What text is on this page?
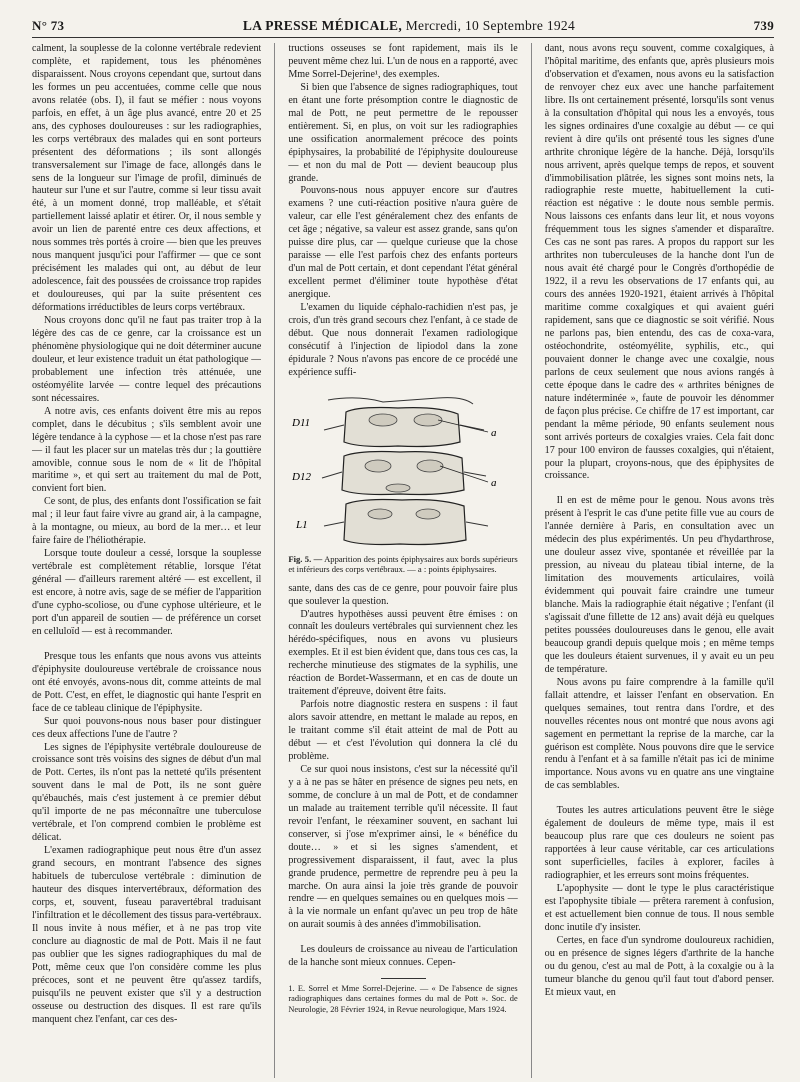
N° 73	LA PRESSE MÉDICALE, Mercredi, 10 Septembre 1924	739

calment, la souplesse de la colonne vertébrale redevient complète, et rapidement, tous les phénomènes disparaissent. Nous croyons cependant que, surtout dans les formes un peu accentuées, comme celle que nous avons relatée (obs. I), il faut se méfier : nous voyons parfois, en effet, à un âge plus avancé, entre 20 et 25 ans, des cyphoses douloureuses : sur les radiographies, les corps vertébraux des malades qui en sont porteurs présentent des déformations ; ils sont allongés transversalement sur l'image de face, allongés dans le sens de la longueur sur l'image de profil, diminués de hauteur sur l'une et sur l'autre, comme si leur tissu avait été, à un moment donné, trop malléable, et s'était partiellement laissé aplatir et étirer. Or, il nous semble y avoir un lien de parenté entre ces deux affections, et nous sommes très portés à croire — bien que les preuves nous manquent jusqu'ici pour l'affirmer — que ce sont précisément les malades qui ont, au début de leur adolescence, fait des poussées de croissance trop rapides et douloureuses, qui par la suite présentent ces déformations irréductibles de leurs corps vertébraux.

Nous croyons donc qu'il ne faut pas traiter trop à la légère des cas de ce genre, car la croissance est un phénomène physiologique qui ne doit déterminer aucune douleur, et leur existence traduit un état pathologique — probablement une infection très atténuée, une ostéomyélite larvée — contre lequel des précautions sont nécessaires.

A notre avis, ces enfants doivent être mis au repos complet, dans le décubitus ; s'ils semblent avoir une légère tendance à la cyphose — et la chose n'est pas rare — il faut les placer sur un matelas très dur ; la gouttière amovible, connue sous le nom de « lit de l'hôpital maritime », et qui sert au traitement du mal de Pott, convient fort bien.

Ce sont, de plus, des enfants dont l'ossification se fait mal ; il leur faut faire vivre au grand air, à la campagne, à la montagne, ou mieux, au bord de la mer… et leur faire faire de l'héliothérapie.

Lorsque toute douleur a cessé, lorsque la souplesse vertébrale est complètement rétablie, lorsque l'état général — d'ailleurs rarement altéré — est excellent, il est encore, à notre avis, sage de se méfier de l'apparition d'une cypho-scoliose, ou d'une cyphose ultérieure, et le port d'un appareil de soutien — de préférence un corset en celluloïd — est à recommander.

Presque tous les enfants que nous avons vus atteints d'épiphysite douloureuse vertébrale de croissance nous ont été envoyés, avons-nous dit, comme atteints de mal de Pott. C'est, en effet, le diagnostic qui hante l'esprit en face de ce tableau clinique de l'épiphysite.

Sur quoi pouvons-nous nous baser pour distinguer ces deux affections l'une de l'autre ?

Les signes de l'épiphysite vertébrale douloureuse de croissance sont très voisins des signes de début d'un mal de Pott. Certes, ils n'ont pas la netteté qu'ils présentent souvent dans le mal de Pott, ils ne sont guère qu'ébauchés, mais c'est justement à ce premier début qu'il importe de ne pas méconnaître une tuberculose vertébrale, et l'on comprend combien le problème est délicat.

L'examen radiographique peut nous être d'un assez grand secours, en montrant l'absence des signes habituels de tuberculose vertébrale : diminution de hauteur des disques intervertébraux, déformation des corps, et, souvent, fuseau paravertébral traduisant l'infiltration et le décollement des tissus para-vertébraux. Il nous invite à nous méfier, et à ne pas trop vite conclure au diagnostic de mal de Pott. Mais il ne faut pas oublier que les signes radiographiques du mal de Pott, même ceux que l'on considère comme les plus précoces, sont et ne peuvent être qu'assez tardifs, puisqu'ils ne peuvent exister que s'il y a destruction osseuse ou destruction des disques. Il est rare qu'ils manquent chez l'enfant, car ces des-

tructions osseuses se font rapidement, mais ils le peuvent même chez lui. L'un de nous en a rapporté, avec Mme Sorrel-Dejerine¹, des exemples.

Si bien que l'absence de signes radiographiques, tout en étant une forte présomption contre le diagnostic de mal de Pott, ne peut permettre de le repousser entièrement. Si, en plus, on voit sur les radiographies une ossification anormalement précoce des points épiphysaires, la probabilité de l'épiphysite douloureuse — et non du mal de Pott — devient beaucoup plus grande.

Pouvons-nous nous appuyer encore sur d'autres examens ? une cuti-réaction positive n'aura guère de valeur, car elle l'est généralement chez des enfants de cet âge ; négative, sa valeur est assez grande, sans qu'on puisse dire plus, car — quelque curieuse que la chose paraisse — elle l'est parfois chez des enfants porteurs d'un mal de Pott certain, et dont cependant l'état général excellent permet d'éliminer toute hypothèse d'état anergique.

L'examen du liquide céphalo-rachidien n'est pas, je crois, d'un très grand secours chez l'enfant, à ce stade de début. Que nous donnerait l'examen radiologique consécutif à l'injection de lipiodol dans la zone épidurale ? Nous n'avons pas encore de ce procédé une expérience suffi-

D11
D12
L1
a
a
Fig. 5. — Apparition des points épiphysaires aux bords supérieurs et inférieurs des corps vertébraux. — a : points épiphysaires.

sante, dans des cas de ce genre, pour pouvoir faire plus que soulever la question.

D'autres hypothèses aussi peuvent être émises : on connaît les douleurs vertébrales qui surviennent chez les hérédo-spécifiques, nous en avons vu plusieurs exemples. Et il est bien évident que, dans tous ces cas, la recherche minutieuse des stigmates de la syphilis, une réaction de Bordet-Wassermann, et en cas de doute un traitement d'épreuve, doivent être faits.

Parfois notre diagnostic restera en suspens : il faut alors savoir attendre, en mettant le malade au repos, en le traitant comme s'il était atteint de mal de Pott au début — et c'est l'évolution qui donnera la clé du problème.

Ce sur quoi nous insistons, c'est sur la nécessité qu'il y a à ne pas se hâter en présence de signes peu nets, en somme, de conclure à un mal de Pott, et de condamner un malade au traitement terrible qu'il nécessite. Il faut revoir l'enfant, le réexaminer souvent, en sachant lui conserver, si j'ose m'exprimer ainsi, le « bénéfice du doute… » et si les signes s'amendent, et progressivement disparaissent, il faut, avec la plus grande prudence, permettre de reprendre peu à peu la marche. On aura ainsi la joie très grande de pouvoir rendre — en quelques semaines ou en quelques mois — à la vie normale un enfant qu'avec un peu trop de hâte on aurait soumis à des années d'immobilisation.

Les douleurs de croissance au niveau de l'articulation de la hanche sont mieux connues. Cepen-

1. E. Sorrel et Mme Sorrel-Dejerine. — « De l'absence de signes radiographiques dans certaines formes du mal de Pott ». Soc. de Neurologie, 28 Février 1924, in Revue neurologique, Mars 1924.

dant, nous avons reçu souvent, comme coxalgiques, à l'hôpital maritime, des enfants que, après plusieurs mois d'observation et d'examen, nous avons eu la satisfaction de renvoyer chez eux avec une hanche parfaitement libre. Ils ont certainement présenté, lorsqu'ils sont venus à la consultation d'hôpital qui nous les a envoyés, tous les signes ordinaires d'une coxalgie au début — ce qui revient à dire qu'ils ont présenté tous les signes d'une arthrite chronique légère de la hanche. Déjà, lorsqu'ils nous arrivent, après quelque temps de repos, et souvent d'immobilisation plâtrée, les signes sont moins nets, la radiographie reste muette, habituellement la cuti-réaction est négative : le doute nous semble permis. Nous laissons ces enfants dans leur lit, et nous voyons fréquemment tous les signes s'amender et disparaître. Ces cas ne sont pas rares. A propos du rapport sur les arthrites non tuberculeuses de la hanche dont l'un de nous avait été chargé pour le Congrès d'orthopédie de 1922, il a revu les observations de 17 enfants qui, au cours des années 1920-1921, étaient arrivés à l'hôpital maritime comme coxalgiques et qui avaient guéri rapidement, sans que ce diagnostic se soit vérifié. Nous ne parlons pas, bien entendu, des cas de coxa-vara, ostéochondrite, ostéomyélite, syphilis, etc., qui pouvaient donner le change avec une coxalgie, nous parlons de ceux seulement que nous avions rangés à cette époque dans le cadre des « arthrites bénignes de nature indéterminée », faute de pouvoir les dénommer de façon plus précise. Ce chiffre de 17 est important, car pendant la même période, 90 enfants seulement nous sont arrivés porteurs de coxalgies vraies. Cela fait donc 17 pour 100 environ de fausses coxalgies, qui n'étaient, pour la plupart, croyons-nous, que des épiphysites de croissance.

Il en est de même pour le genou. Nous avons très présent à l'esprit le cas d'une petite fille vue au cours de l'année dernière à Paris, en consultation avec un médecin des plus expérimentés. Un peu d'hydarthrose, une douleur assez vive, spontanée et réveillée par la pression, au niveau du plateau tibial interne, de la limitation des mouvements articulaires, voilà évidemment qui pouvait faire craindre une tumeur blanche. Mais la radiographie était négative ; l'enfant (il s'agissait d'une fillette de 12 ans) avait déjà eu quelques petites poussées douloureuses dans le genou, elle avait beaucoup grandi depuis quelque mois ; en même temps que les douleurs étaient survenues, il y avait eu un peu de température.

Nous avons pu faire comprendre à la famille qu'il fallait attendre, et laisser l'enfant en observation. En quelques semaines, tout rentra dans l'ordre, et des nouvelles récentes nous ont montré que nous avons agi sagement en permettant la reprise de la marche, car la guérison est complète. Nous pouvons dire que le service rendu à l'enfant et à sa famille n'était pas ici de minime importance. Nous avons vu en quatre ans une vingtaine de cas semblables.

Toutes les autres articulations peuvent être le siège également de douleurs de même type, mais il est beaucoup plus rare que ces douleurs ne soient pas rapportées à leur cause véritable, car ces articulations sont superficielles, faciles à explorer, faciles à radiographier, et les erreurs sont moins fréquentes.

L'apophysite — dont le type le plus caractéristique est l'apophysite tibiale — prêtera rarement à confusion, et est actuellement bien connue de tous. Il nous semble donc inutile d'y insister.

Certes, en face d'un syndrome douloureux rachidien, ou en présence de signes légers d'arthrite de la hanche ou du genou, c'est au mal de Pott, à la coxalgie ou à la tumeur blanche du genou qu'il faut tout d'abord penser. Et mieux vaut, en
